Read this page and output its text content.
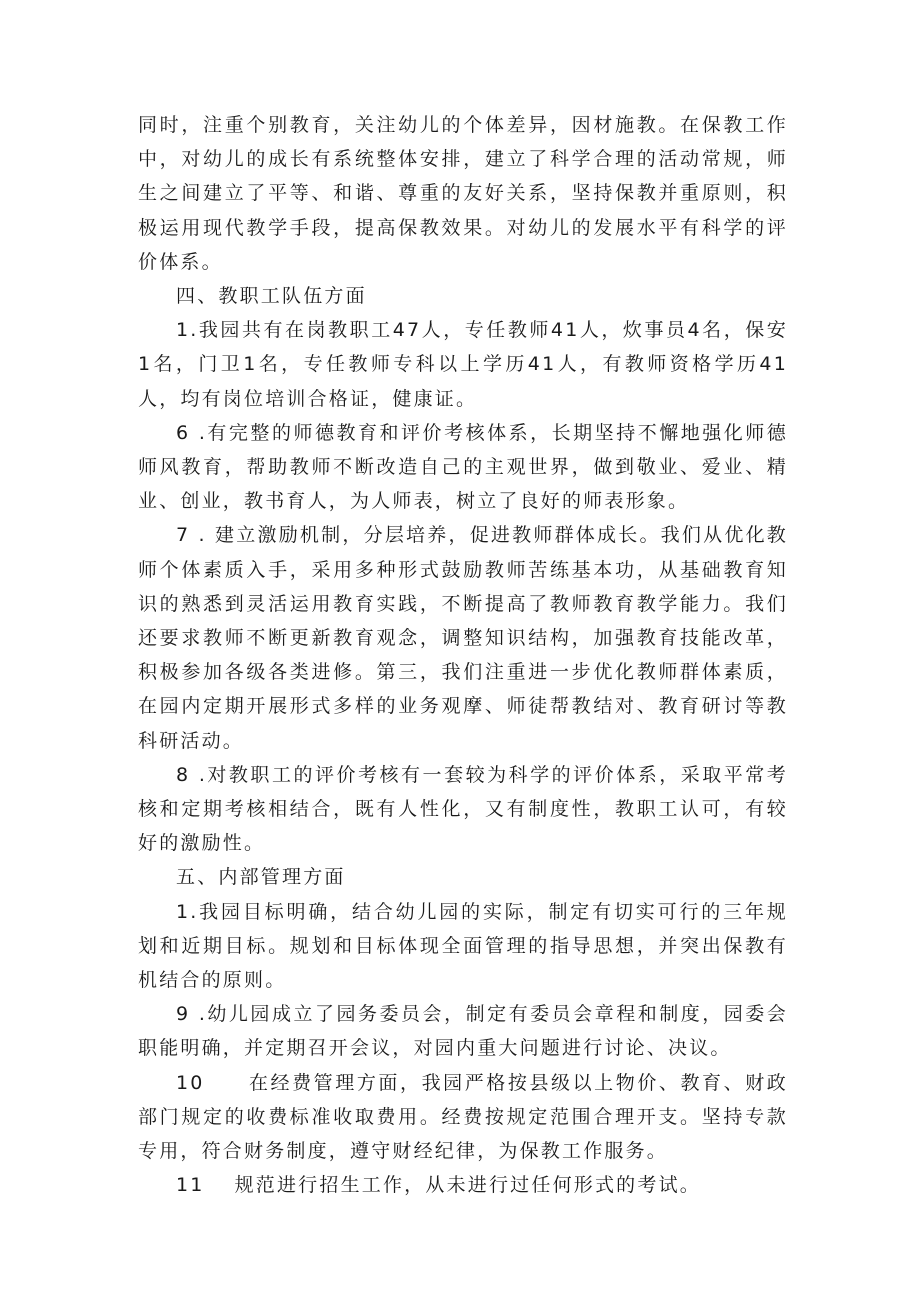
同时，注重个别教育，关注幼儿的个体差异，因材施教。在保教工作中，对幼儿的成长有系统整体安排，建立了科学合理的活动常规，师生之间建立了平等、和谐、尊重的友好关系，坚持保教并重原则，积极运用现代教学手段，提高保教效果。对幼儿的发展水平有科学的评价体系。

四、教职工队伍方面

1.我园共有在岗教职工47人，专任教师41人，炊事员4名，保安1名，门卫1名，专任教师专科以上学历41人，有教师资格学历41人，均有岗位培训合格证，健康证。

6 .有完整的师德教育和评价考核体系，长期坚持不懈地强化师德师风教育，帮助教师不断改造自己的主观世界，做到敬业、爱业、精业、创业，教书育人，为人师表，树立了良好的师表形象。

7 . 建立激励机制，分层培养，促进教师群体成长。我们从优化教师个体素质入手，采用多种形式鼓励教师苦练基本功，从基础教育知识的熟悉到灵活运用教育实践，不断提高了教师教育教学能力。我们还要求教师不断更新教育观念，调整知识结构，加强教育技能改革，积极参加各级各类进修。第三，我们注重进一步优化教师群体素质，在园内定期开展形式多样的业务观摩、师徒帮教结对、教育研讨等教科研活动。

8 .对教职工的评价考核有一套较为科学的评价体系，采取平常考核和定期考核相结合，既有人性化，又有制度性，教职工认可，有较好的激励性。

五、内部管理方面

1.我园目标明确，结合幼儿园的实际，制定有切实可行的三年规划和近期目标。规划和目标体现全面管理的指导思想，并突出保教有机结合的原则。

9 .幼儿园成立了园务委员会，制定有委员会章程和制度，园委会职能明确，并定期召开会议，对园内重大问题进行讨论、决议。

10 在经费管理方面，我园严格按县级以上物价、教育、财政部门规定的收费标准收取费用。经费按规定范围合理开支。坚持专款专用，符合财务制度，遵守财经纪律，为保教工作服务。

11 规范进行招生工作，从未进行过任何形式的考试。
